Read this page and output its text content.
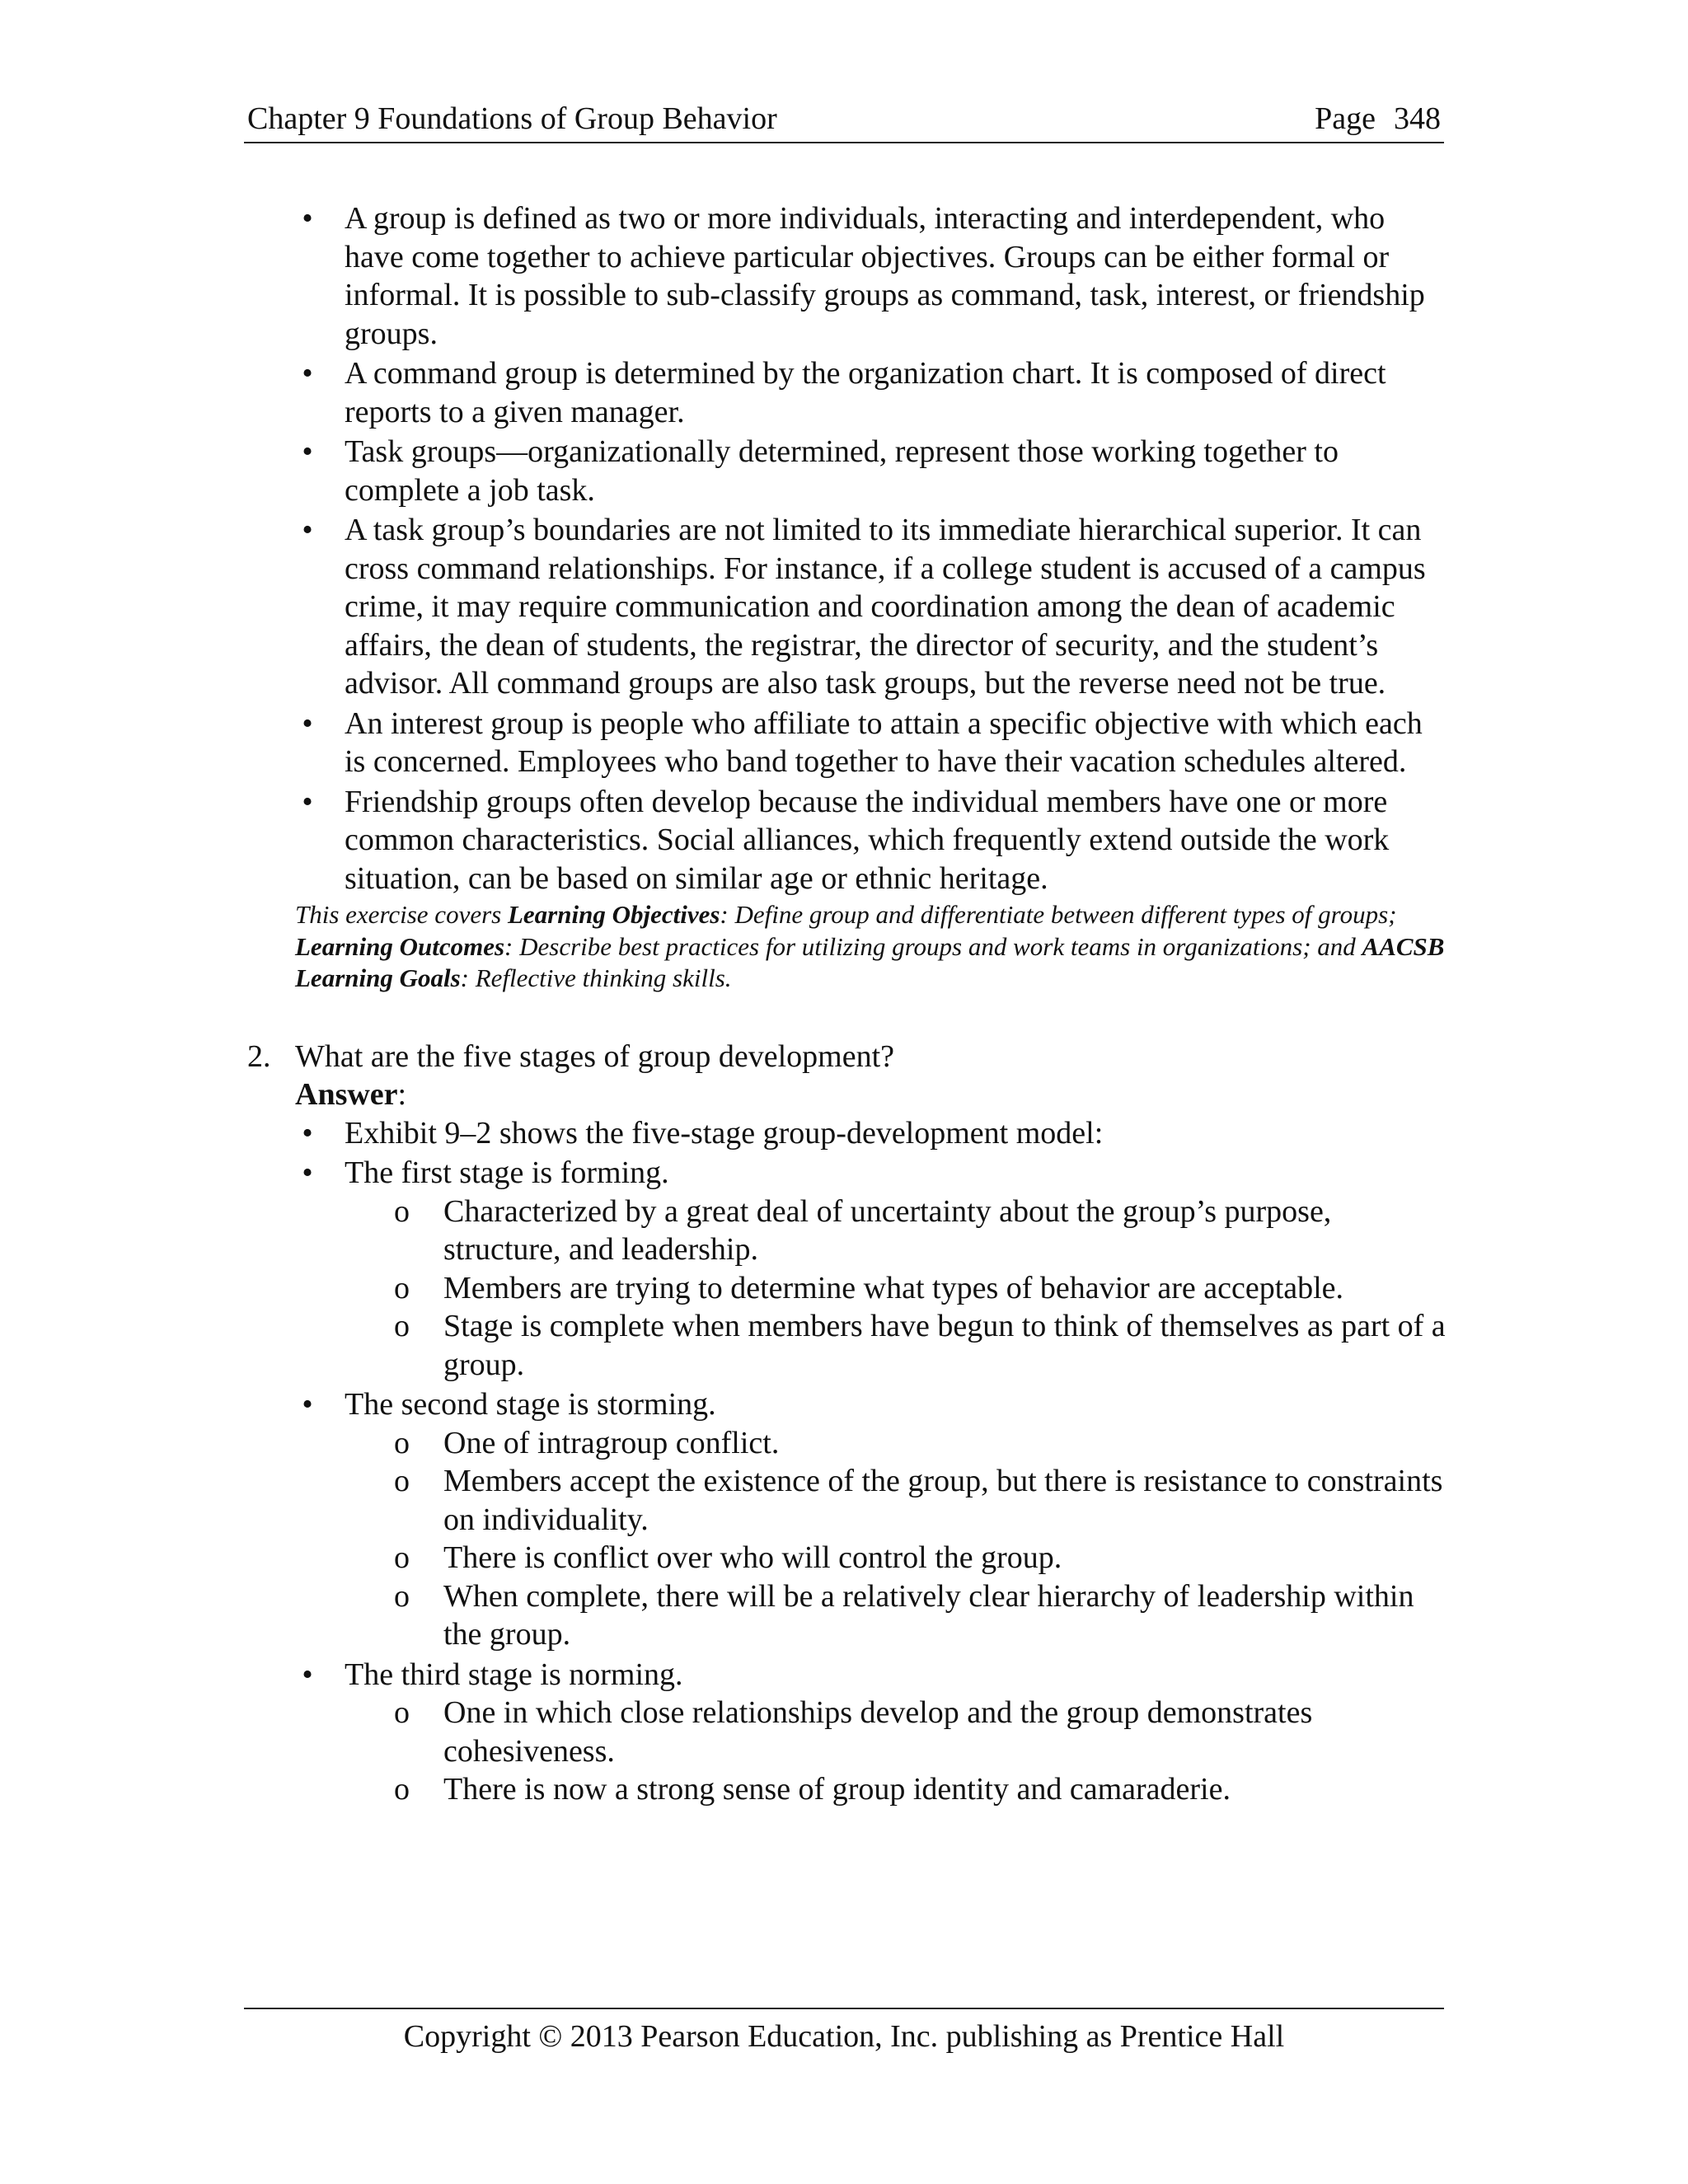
Chapter 9 Foundations of Group Behavior	Page 348
• A group is defined as two or more individuals, interacting and interdependent, who have come together to achieve particular objectives. Groups can be either formal or informal. It is possible to sub-classify groups as command, task, interest, or friendship groups.
• A command group is determined by the organization chart. It is composed of direct reports to a given manager.
• Task groups—organizationally determined, represent those working together to complete a job task.
• A task group’s boundaries are not limited to its immediate hierarchical superior. It can cross command relationships. For instance, if a college student is accused of a campus crime, it may require communication and coordination among the dean of academic affairs, the dean of students, the registrar, the director of security, and the student’s advisor. All command groups are also task groups, but the reverse need not be true.
• An interest group is people who affiliate to attain a specific objective with which each is concerned. Employees who band together to have their vacation schedules altered.
• Friendship groups often develop because the individual members have one or more common characteristics. Social alliances, which frequently extend outside the work situation, can be based on similar age or ethnic heritage.
This exercise covers Learning Objectives: Define group and differentiate between different types of groups; Learning Outcomes: Describe best practices for utilizing groups and work teams in organizations; and AACSB Learning Goals: Reflective thinking skills.
2. What are the five stages of group development?
Answer:
• Exhibit 9–2 shows the five-stage group-development model:
• The first stage is forming.
o Characterized by a great deal of uncertainty about the group’s purpose, structure, and leadership.
o Members are trying to determine what types of behavior are acceptable.
o Stage is complete when members have begun to think of themselves as part of a group.
• The second stage is storming.
o One of intragroup conflict.
o Members accept the existence of the group, but there is resistance to constraints on individuality.
o There is conflict over who will control the group.
o When complete, there will be a relatively clear hierarchy of leadership within the group.
• The third stage is norming.
o One in which close relationships develop and the group demonstrates cohesiveness.
o There is now a strong sense of group identity and camaraderie.
Copyright © 2013 Pearson Education, Inc. publishing as Prentice Hall
